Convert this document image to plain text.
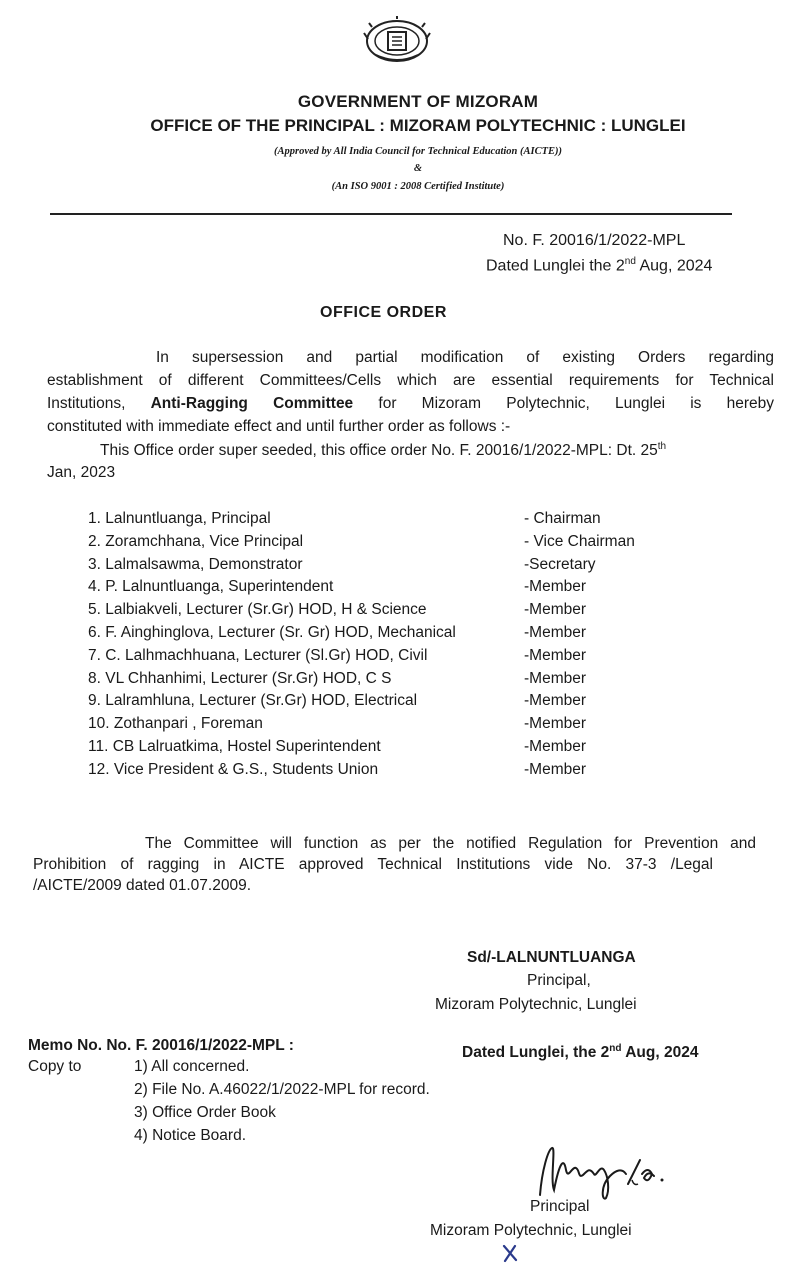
GOVERNMENT OF MIZORAM
OFFICE OF THE PRINCIPAL : MIZORAM POLYTECHNIC : LUNGLEI
(Approved by All India Council for Technical Education (AICTE))
&
(An ISO 9001 : 2008 Certified Institute)
No. F. 20016/1/2022-MPL
Dated Lunglei the 2nd Aug, 2024
OFFICE ORDER
In supersession and partial modification of existing Orders regarding
establishment of different Committees/Cells which are essential requirements for Technical
Institutions, Anti-Ragging Committee for Mizoram Polytechnic, Lunglei is hereby
constituted with immediate effect and until further order as follows :-
This Office order super seeded, this office order No. F. 20016/1/2022-MPL: Dt. 25th
Jan, 2023
1. Lalnuntluanga, Principal	- Chairman
2. Zoramchhana, Vice Principal	- Vice Chairman
3. Lalmalsawma, Demonstrator	-Secretary
4. P. Lalnuntluanga, Superintendent	-Member
5. Lalbiakveli, Lecturer (Sr.Gr) HOD, H & Science	-Member
6. F. Ainghinglova, Lecturer (Sr. Gr) HOD, Mechanical	-Member
7. C. Lalhmachhuana, Lecturer (Sl.Gr) HOD, Civil	-Member
8. VL Chhanhimi, Lecturer (Sr.Gr) HOD, C S	-Member
9. Lalramhluna, Lecturer (Sr.Gr) HOD, Electrical	-Member
10. Zothanpari , Foreman	-Member
11. CB Lalruatkima, Hostel Superintendent	-Member
12. Vice President & G.S., Students Union	-Member
The Committee will function as per the notified Regulation for Prevention and
Prohibition of ragging in AICTE approved Technical Institutions vide No. 37-3 /Legal
/AICTE/2009 dated 01.07.2009.
Sd/-LALNUNTLUANGA
Principal,
Mizoram Polytechnic, Lunglei
Memo No. No. F. 20016/1/2022-MPL :	Dated Lunglei, the 2nd Aug, 2024
Copy to	1) All concerned.
2) File No. A.46022/1/2022-MPL for record.
3) Office Order Book
4) Notice Board.
Principal
Mizoram Polytechnic, Lunglei
